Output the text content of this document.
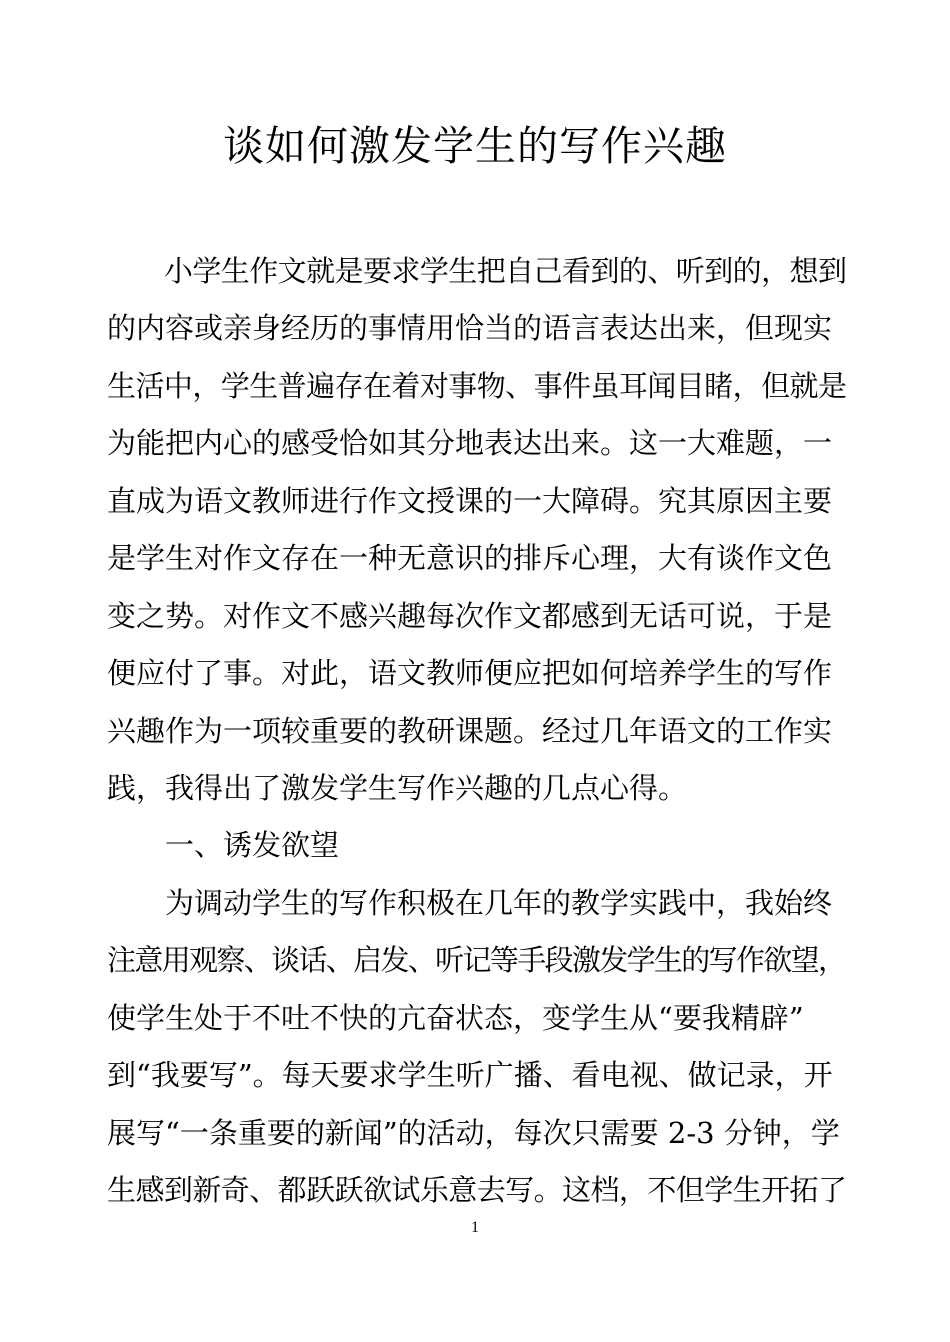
谈如何激发学生的写作兴趣
　　小学生作文就是要求学生把自己看到的、听到的，想到
的内容或亲身经历的事情用恰当的语言表达出来，但现实
生活中，学生普遍存在着对事物、事件虽耳闻目睹，但就是
为能把内心的感受恰如其分地表达出来。这一大难题，一
直成为语文教师进行作文授课的一大障碍。究其原因主要
是学生对作文存在一种无意识的排斥心理，大有谈作文色
变之势。对作文不感兴趣每次作文都感到无话可说，于是
便应付了事。对此，语文教师便应把如何培养学生的写作
兴趣作为一项较重要的教研课题。经过几年语文的工作实
践，我得出了激发学生写作兴趣的几点心得。
　　一、诱发欲望
　　为调动学生的写作积极在几年的教学实践中，我始终
注意用观察、谈话、启发、听记等手段激发学生的写作欲望，
使学生处于不吐不快的亢奋状态，变学生从“要我精辟”
到“我要写”。每天要求学生听广播、看电视、做记录，开
展写“一条重要的新闻”的活动，每次只需要 2-3 分钟，学
生感到新奇、都跃跃欲试乐意去写。这档，不但学生开拓了
1
